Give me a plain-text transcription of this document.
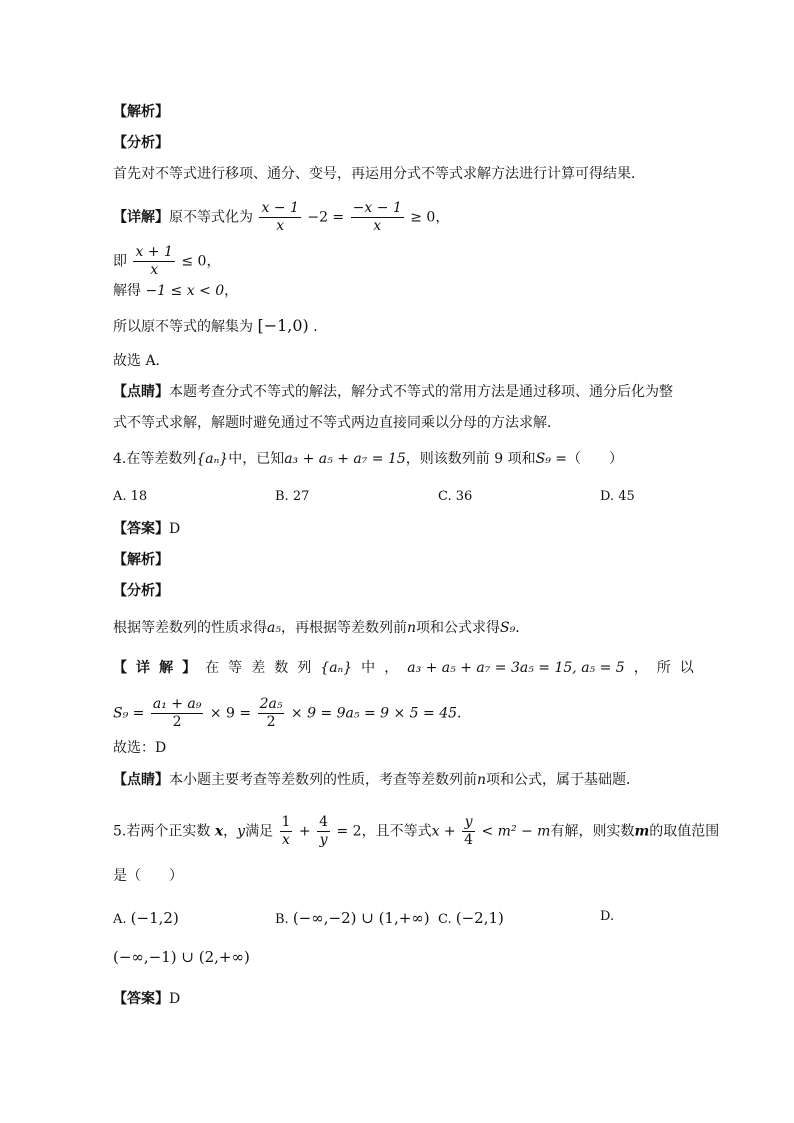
【解析】
【分析】
首先对不等式进行移项、通分、变号，再运用分式不等式求解方法进行计算可得结果．
【详解】原不等式化为 $\frac{x - 1}{x} -2 = \frac{-x - 1}{x} \ge 0$，
即 $\frac{x + 1}{x} \le 0$，
解得 −1 ≤ x < 0，
所以原不等式的解集为 [−1,0) ．
故选 A．
【点睛】本题考查分式不等式的解法，解分式不等式的常用方法是通过移项、通分后化为整
式不等式求解，解题时避免通过不等式两边直接同乘以分母的方法求解．
4.在等差数列{aₙ}中，已知a₃ + a₅ + a₇ = 15，则该数列前 9 项和S₉ =（　　）
A. 18	B. 27	C. 36	D. 45
【答案】D
【解析】
【分析】
根据等差数列的性质求得a₅，再根据等差数列前n项和公式求得S₉．
【 详 解 】 在 等 差 数 列 {aₙ} 中 ， a₃ + a₅ + a₇ = 3a₅ = 15, a₅ = 5 ， 所 以
$S_9 = \frac{\text{a₁ + a₉}}{2} \times 9 = \frac{\text{2a₅}}{2} \times 9 = 9a_5 = 9 \times 5 = 45$．
故选：D
【点睛】本小题主要考查等差数列的性质，考查等差数列前n项和公式，属于基础题．
5.若两个正实数 x，y满足 $\frac{1}{x} + \frac{4}{y} = 2$，且不等式$x + \frac{y}{4} < m^2 - m$有解，则实数m的取值范围
是（　　）
A. (−1,2)	B. (−∞,−2) ∪ (1,+∞) C. (−2,1)	D.
(−∞,−1) ∪ (2,+∞)
【答案】D
